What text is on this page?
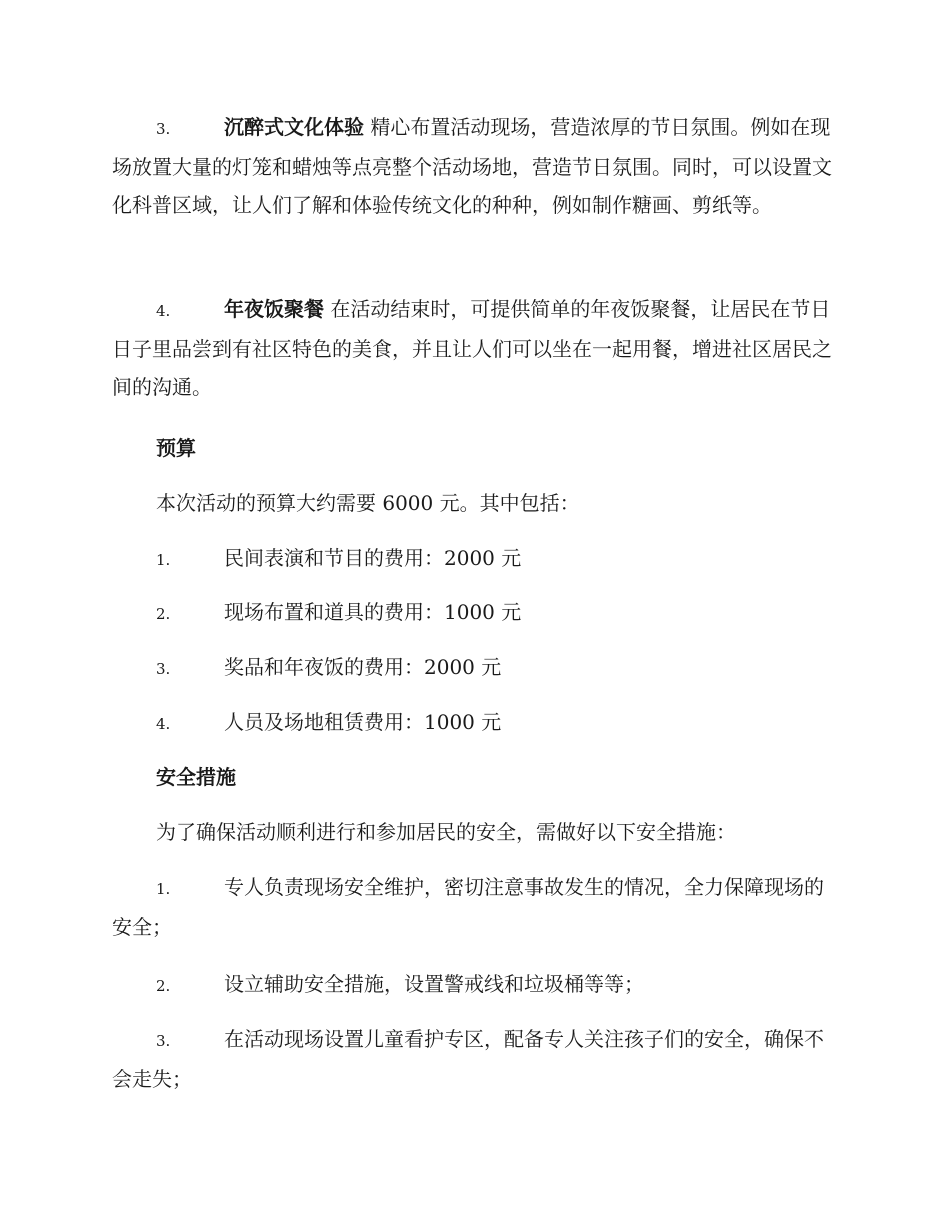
3.	沉醉式文化体验 精心布置活动现场，营造浓厚的节日氛围。例如在现场放置大量的灯笼和蜡烛等点亮整个活动场地，营造节日氛围。同时，可以设置文化科普区域，让人们了解和体验传统文化的种种，例如制作糖画、剪纸等。

4.	年夜饭聚餐 在活动结束时，可提供简单的年夜饭聚餐，让居民在节日日子里品尝到有社区特色的美食，并且让人们可以坐在一起用餐，增进社区居民之间的沟通。

预算

本次活动的预算大约需要 6000 元。其中包括：

1.	民间表演和节目的费用：2000 元

2.	现场布置和道具的费用：1000 元

3.	奖品和年夜饭的费用：2000 元

4.	人员及场地租赁费用：1000 元

安全措施

为了确保活动顺利进行和参加居民的安全，需做好以下安全措施：

1.	专人负责现场安全维护，密切注意事故发生的情况，全力保障现场的安全；

2.	设立辅助安全措施，设置警戒线和垃圾桶等等；

3.	在活动现场设置儿童看护专区，配备专人关注孩子们的安全，确保不会走失；
